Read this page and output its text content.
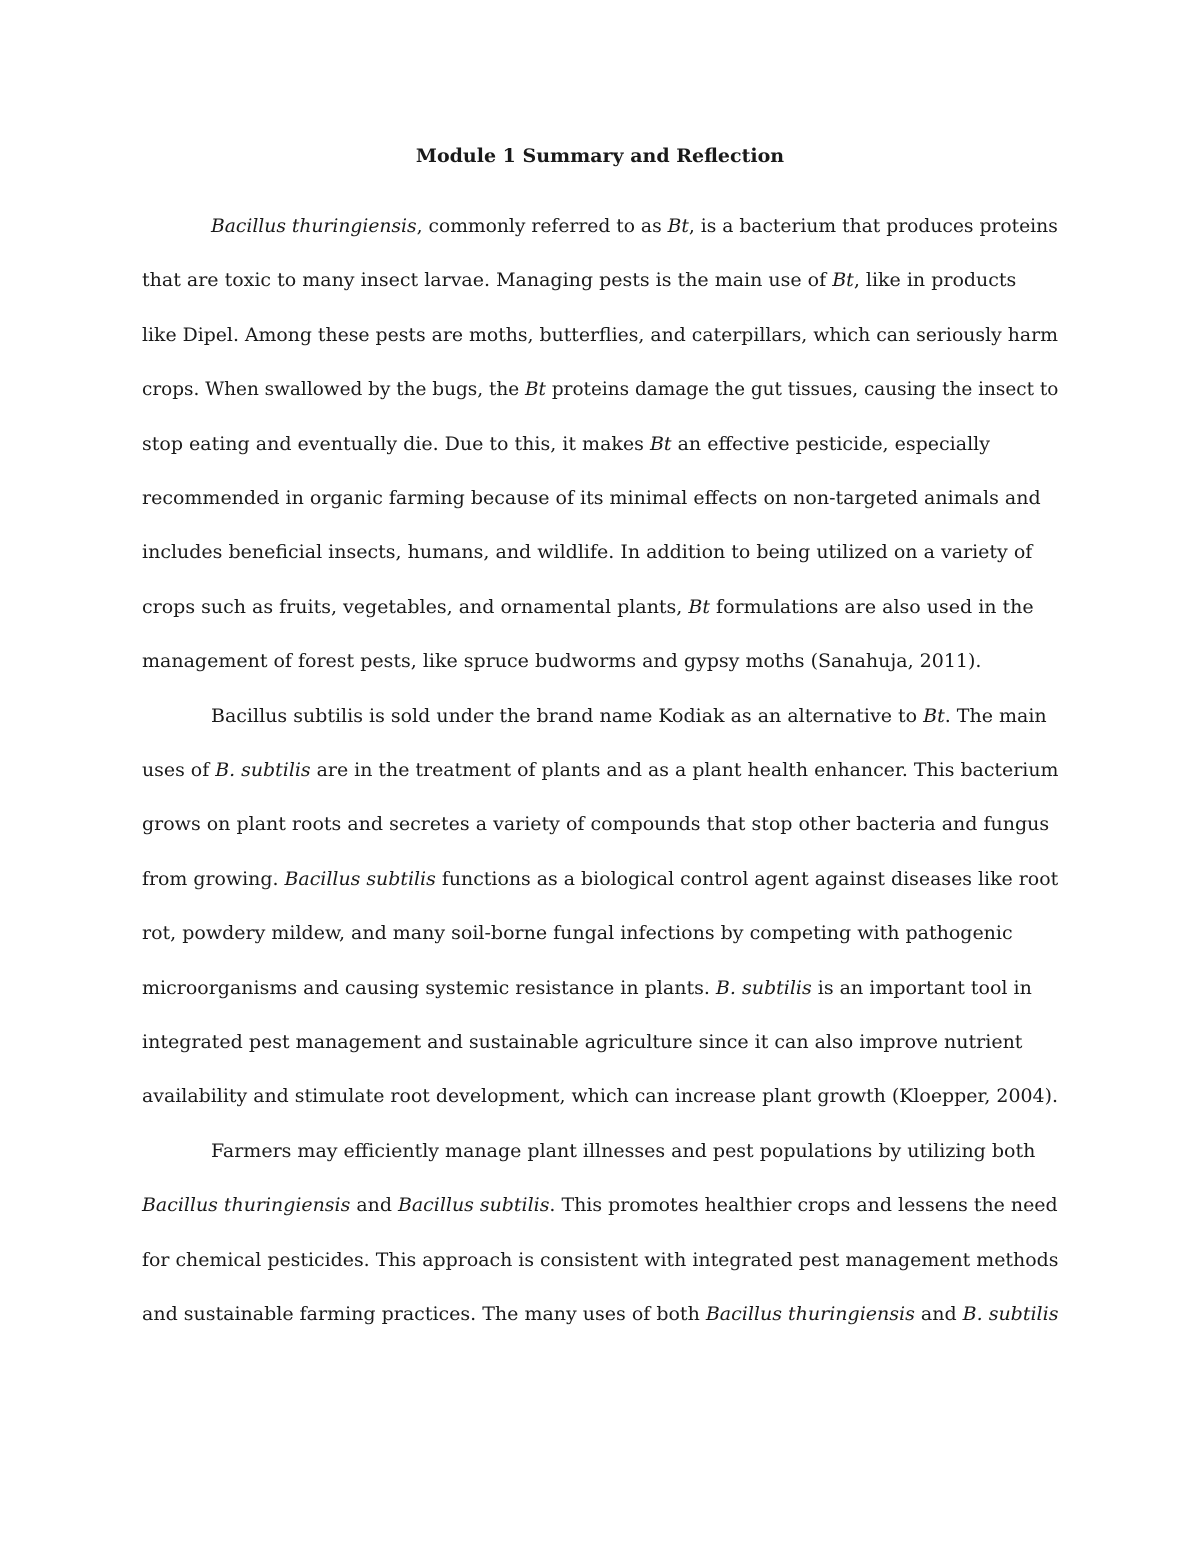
Module 1 Summary and Reflection

Bacillus thuringiensis, commonly referred to as Bt, is a bacterium that produces proteins

that are toxic to many insect larvae. Managing pests is the main use of Bt, like in products

like Dipel. Among these pests are moths, butterflies, and caterpillars, which can seriously harm

crops. When swallowed by the bugs, the Bt proteins damage the gut tissues, causing the insect to

stop eating and eventually die. Due to this, it makes Bt an effective pesticide, especially

recommended in organic farming because of its minimal effects on non-targeted animals and

includes beneficial insects, humans, and wildlife. In addition to being utilized on a variety of

crops such as fruits, vegetables, and ornamental plants, Bt formulations are also used in the

management of forest pests, like spruce budworms and gypsy moths (Sanahuja, 2011).

Bacillus subtilis is sold under the brand name Kodiak as an alternative to Bt. The main

uses of B. subtilis are in the treatment of plants and as a plant health enhancer. This bacterium

grows on plant roots and secretes a variety of compounds that stop other bacteria and fungus

from growing. Bacillus subtilis functions as a biological control agent against diseases like root

rot, powdery mildew, and many soil-borne fungal infections by competing with pathogenic

microorganisms and causing systemic resistance in plants. B. subtilis is an important tool in

integrated pest management and sustainable agriculture since it can also improve nutrient

availability and stimulate root development, which can increase plant growth (Kloepper, 2004).

Farmers may efficiently manage plant illnesses and pest populations by utilizing both

Bacillus thuringiensis and Bacillus subtilis. This promotes healthier crops and lessens the need

for chemical pesticides. This approach is consistent with integrated pest management methods

and sustainable farming practices. The many uses of both Bacillus thuringiensis and B. subtilis
